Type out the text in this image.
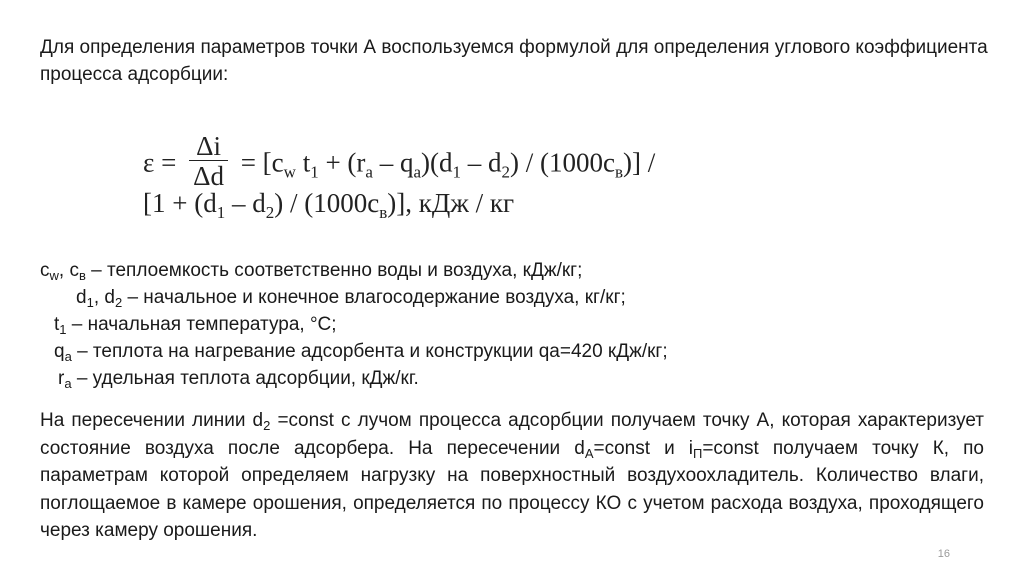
Для определения параметров точки А воспользуемся формулой для определения углового коэффициента процесса адсорбции:

$\varepsilon = \frac{\Delta i}{\Delta d} = [c_w$ $t_1 + (r_a - q_a)(d_1 - d_2) / (1000c_в)$] /
$[1 + (d_1 - d_2) / (1000c_в)]$, кДж / кг
$c_w$, $c_в$ – теплоемкость соответственно воды и воздуха, кДж/кг;
$d_1$, $d_2$ – начальное и конечное влагосодержание воздуха, кг/кг;
$t_1$ – начальная температура, °С;
$q_a$ – теплота на нагревание адсорбента и конструкции qa=420 кДж/кг;
$r_a$ – удельная теплота адсорбции, кДж/кг.

На пересечении линии $d_2$ =const с лучом процесса адсорбции получаем точку А, которая характеризует состояние воздуха после адсорбера. На пересечении $d_A=const$ и $i_П=const$ получаем точку К, по параметрам которой определяем нагрузку на поверхностный воздухоохладитель. Количество влаги, поглощаемое в камере орошения, определяется по процессу КО с учетом расхода воздуха, проходящего через камеру орошения.

16
